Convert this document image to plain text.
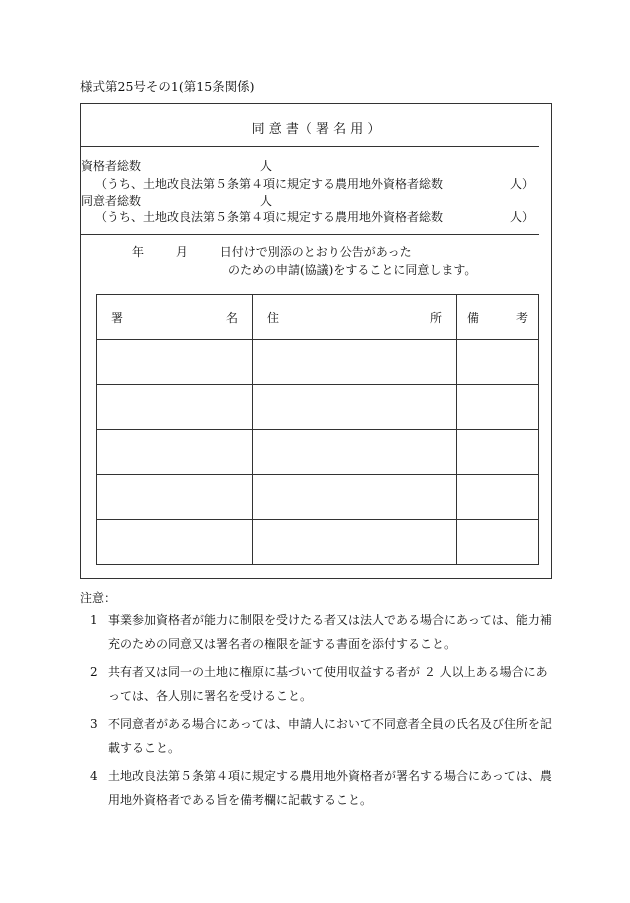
様式第25号その1(第15条関係)
同 意 書（ 署 名 用 ）
資格者総数	人
（うち、土地改良法第５条第４項に規定する農用地外資格者総数	人）
同意者総数	人
（うち、土地改良法第５条第４項に規定する農用地外資格者総数	人）
年	月	日付けで別添のとおり公告があった
のための申請(協議)をすることに同意します。
署 名	住 所	備 考

注意：
1 事業参加資格者が能力に制限を受けたる者又は法人である場合にあっては、能力補充のための同意又は署名者の権限を証する書面を添付すること。
2 共有者又は同一の土地に権原に基づいて使用収益する者が ２ 人以上ある場合にあっては、各人別に署名を受けること。
3 不同意者がある場合にあっては、申請人において不同意者全員の氏名及び住所を記載すること。
4 土地改良法第５条第４項に規定する農用地外資格者が署名する場合にあっては、農用地外資格者である旨を備考欄に記載すること。
